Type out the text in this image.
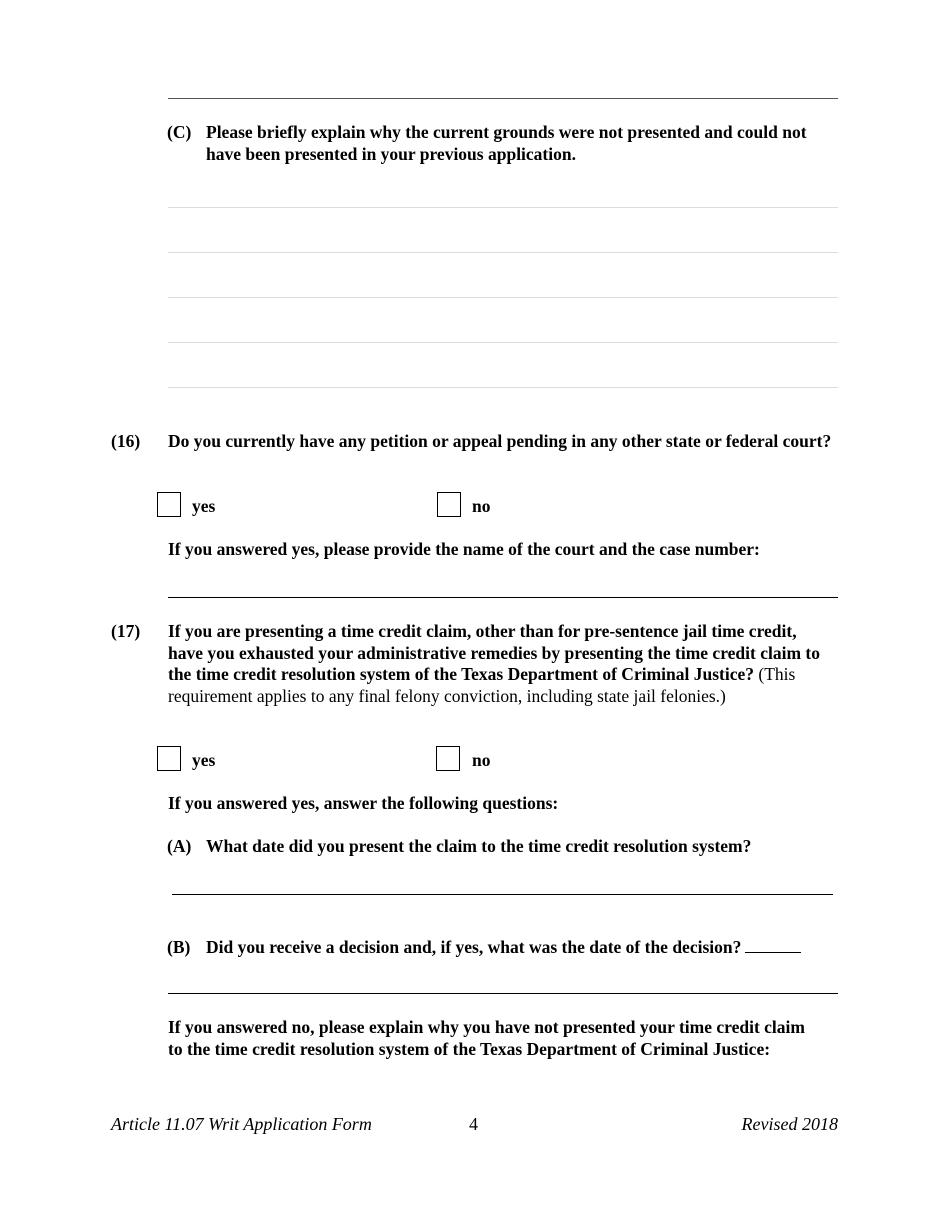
(C) Please briefly explain why the current grounds were not presented and could not have been presented in your previous application.
(16) Do you currently have any petition or appeal pending in any other state or federal court?
yes	no
If you answered yes, please provide the name of the court and the case number:
(17) If you are presenting a time credit claim, other than for pre-sentence jail time credit, have you exhausted your administrative remedies by presenting the time credit claim to the time credit resolution system of the Texas Department of Criminal Justice? (This requirement applies to any final felony conviction, including state jail felonies.)
yes	no
If you answered yes, answer the following questions:
(A) What date did you present the claim to the time credit resolution system?
(B) Did you receive a decision and, if yes, what was the date of the decision?
If you answered no, please explain why you have not presented your time credit claim to the time credit resolution system of the Texas Department of Criminal Justice:
Article 11.07 Writ Application Form	4	Revised 2018
